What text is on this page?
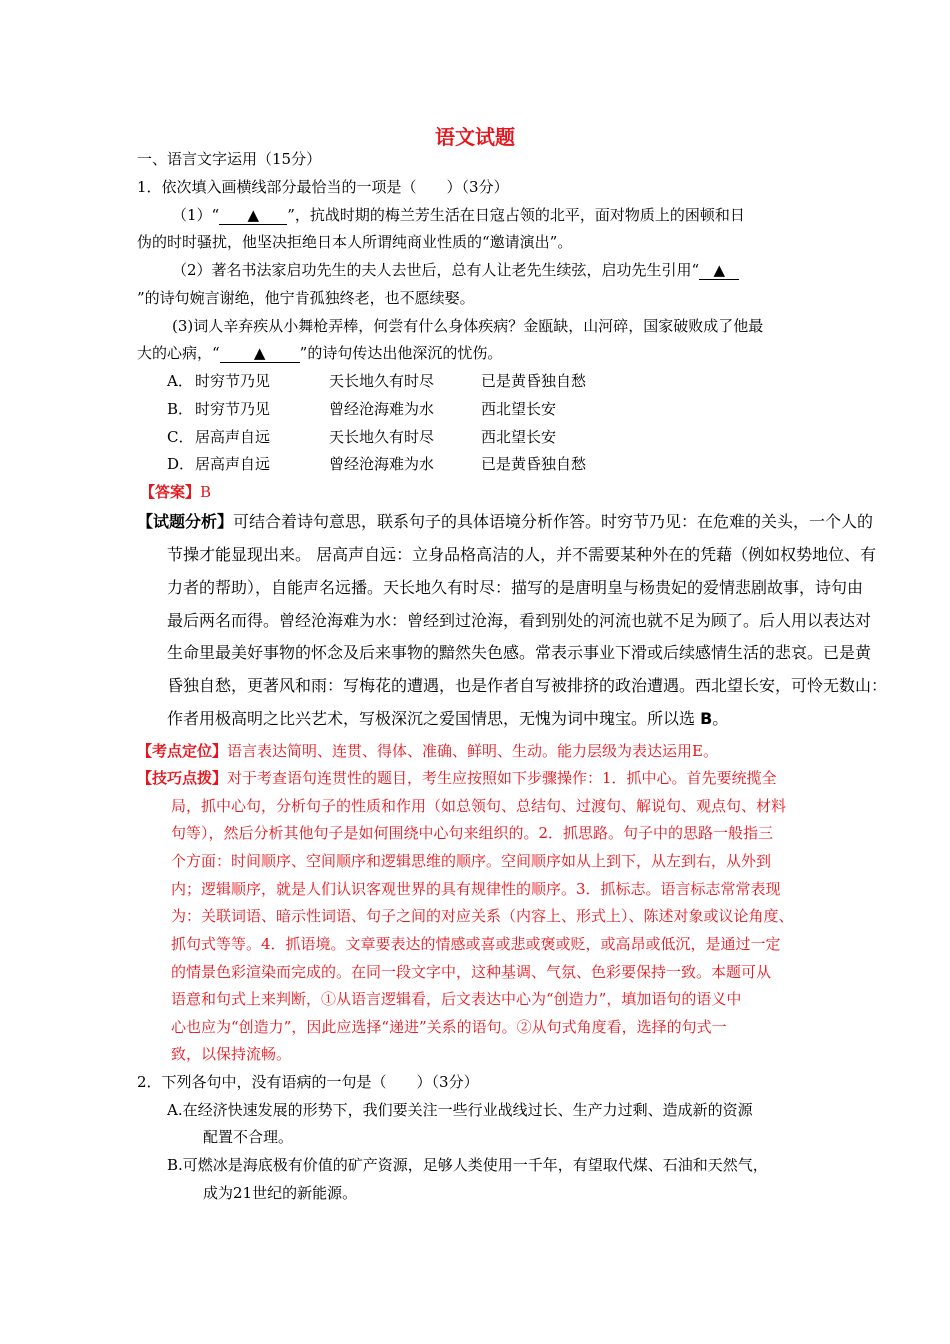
语文试题
一、语言文字运用（15分）
1．依次填入画横线部分最恰当的一项是（　　）（3分）
（1）“ ▲ ”，抗战时期的梅兰芳生活在日寇占领的北平，面对物质上的困顿和日
伪的时时骚扰，他坚决拒绝日本人所谓纯商业性质的“邀请演出”。
（2）著名书法家启功先生的夫人去世后，总有人让老先生续弦，启功先生引用“ ▲
”的诗句婉言谢绝，他宁肯孤独终老，也不愿续娶。
(3)词人辛弃疾从小舞枪弄棒，何尝有什么身体疾病？金瓯缺，山河碎，国家破败成了他最
大的心病，“ ▲ ”的诗句传达出他深沉的忧伤。
A． 时穷节乃见	天长地久有时尽	已是黄昏独自愁
B． 时穷节乃见	曾经沧海难为水	西北望长安
C． 居高声自远	天长地久有时尽	西北望长安
D．居高声自远	曾经沧海难为水	已是黄昏独自愁
【答案】B
【试题分析】可结合着诗句意思，联系句子的具体语境分析作答。时穷节乃见：在危难的关头，一个人的
节操才能显现出来。 居高声自远：立身品格高洁的人，并不需要某种外在的凭藉（例如权势地位、有
力者的帮助），自能声名远播。天长地久有时尽：描写的是唐明皇与杨贵妃的爱情悲剧故事，诗句由
最后两名而得。曾经沧海难为水：曾经到过沧海，看到别处的河流也就不足为顾了。后人用以表达对
生命里最美好事物的怀念及后来事物的黯然失色感。常表示事业下滑或后续感情生活的悲哀。已是黄
昏独自愁，更著风和雨：写梅花的遭遇，也是作者自写被排挤的政治遭遇。西北望长安，可怜无数山：
作者用极高明之比兴艺术，写极深沉之爱国情思，无愧为词中瑰宝。所以选 B。
【考点定位】语言表达简明、连贯、得体、准确、鲜明、生动。能力层级为表达运用E。
【技巧点拨】对于考查语句连贯性的题目，考生应按照如下步骤操作：1．抓中心。首先要统揽全
局，抓中心句，分析句子的性质和作用（如总领句、总结句、过渡句、解说句、观点句、材料
句等），然后分析其他句子是如何围绕中心句来组织的。2．抓思路。句子中的思路一般指三
个方面：时间顺序、空间顺序和逻辑思维的顺序。空间顺序如从上到下，从左到右，从外到
内；逻辑顺序，就是人们认识客观世界的具有规律性的顺序。3．抓标志。语言标志常常表现
为：关联词语、暗示性词语、句子之间的对应关系（内容上、形式上）、陈述对象或议论角度、
抓句式等等。4．抓语境。文章要表达的情感或喜或悲或褒或贬，或高昂或低沉，是通过一定
的情景色彩渲染而完成的。在同一段文字中，这种基调、气氛、色彩要保持一致。本题可从
语意和句式上来判断，①从语言逻辑看，后文表达中心为“创造力”，填加语句的语义中
心也应为“创造力”，因此应选择“递进”关系的语句。②从句式角度看，选择的句式一
致，以保持流畅。
2．下列各句中，没有语病的一句是（　　）（3分）
A.在经济快速发展的形势下，我们要关注一些行业战线过长、生产力过剩、造成新的资源
配置不合理。
B.可燃冰是海底极有价值的矿产资源，足够人类使用一千年，有望取代煤、石油和天然气，
成为21世纪的新能源。
